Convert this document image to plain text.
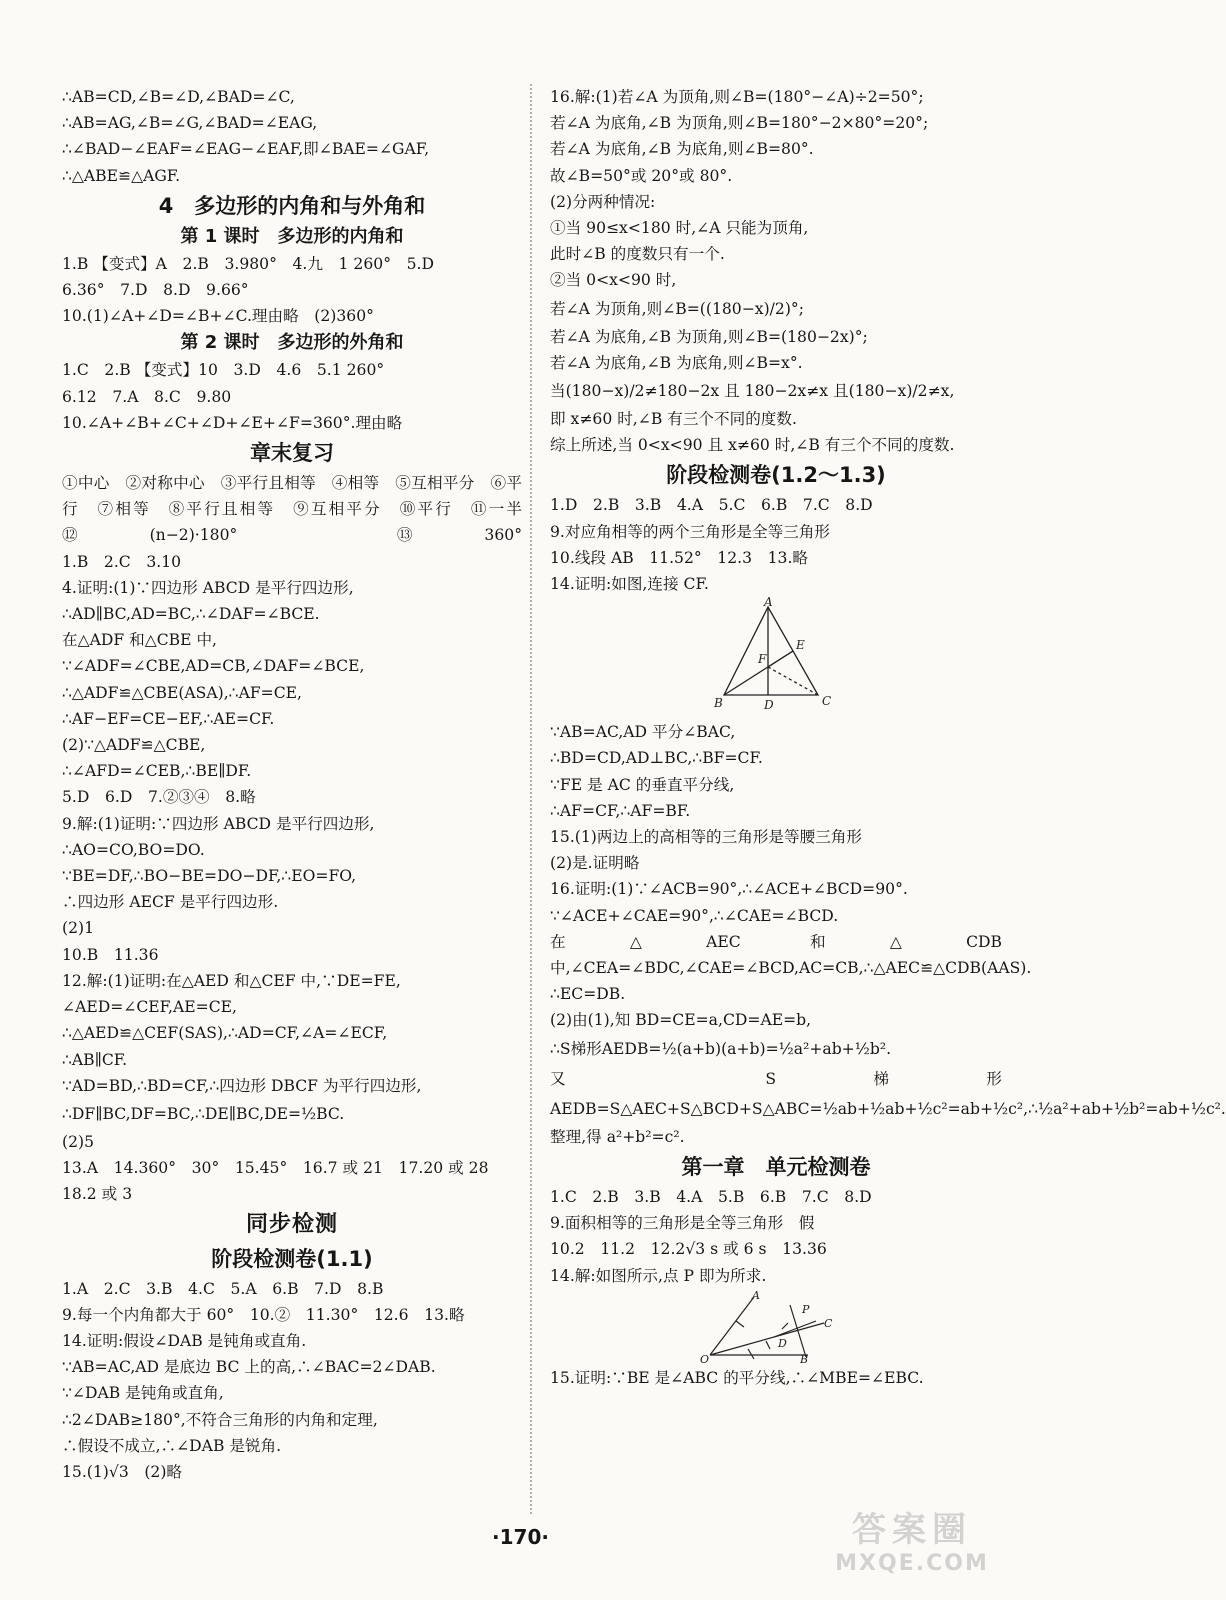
∴AB=CD,∠B=∠D,∠BAD=∠C,
∴AB=AG,∠B=∠G,∠BAD=∠EAG,
∴∠BAD−∠EAF=∠EAG−∠EAF,即∠BAE=∠GAF,
∴△ABE≌△AGF.
4　多边形的内角和与外角和
第 1 课时　多边形的内角和
1.B 【变式】A　2.B　3.980°　4.九　1 260°　5.D
6.36°　7.D　8.D　9.66°
10.(1)∠A+∠D=∠B+∠C.理由略　(2)360°
第 2 课时　多边形的外角和
1.C　2.B 【变式】10　3.D　4.6　5.1 260°
6.12　7.A　8.C　9.80
10.∠A+∠B+∠C+∠D+∠E+∠F=360°.理由略
章末复习
①中心　②对称中心　③平行且相等　④相等　⑤互相平分　⑥平行　⑦相等　⑧平行且相等　⑨互相平分　⑩平行　⑪一半　⑫(n−2)·180°　⑬360°
1.B　2.C　3.10
4.证明:(1)∵四边形 ABCD 是平行四边形,
∴AD∥BC,AD=BC,∴∠DAF=∠BCE.
在△ADF 和△CBE 中,
∵∠ADF=∠CBE,AD=CB,∠DAF=∠BCE,
∴△ADF≌△CBE(ASA),∴AF=CE,
∴AF−EF=CE−EF,∴AE=CF.
(2)∵△ADF≌△CBE,
∴∠AFD=∠CEB,∴BE∥DF.
5.D　6.D　7.②③④　8.略
9.解:(1)证明:∵四边形 ABCD 是平行四边形,
∴AO=CO,BO=DO.
∵BE=DF,∴BO−BE=DO−DF,∴EO=FO,
∴四边形 AECF 是平行四边形.
(2)1
10.B　11.36
12.解:(1)证明:在△AED 和△CEF 中,∵DE=FE,
∠AED=∠CEF,AE=CE,
∴△AED≌△CEF(SAS),∴AD=CF,∠A=∠ECF,
∴AB∥CF.
∵AD=BD,∴BD=CF,∴四边形 DBCF 为平行四边形,
∴DF∥BC,DF=BC,∴DE∥BC,DE=½BC.
(2)5
13.A　14.360°　30°　15.45°　16.7 或 21　17.20 或 28
18.2 或 3
同步检测
阶段检测卷(1.1)
1.A　2.C　3.B　4.C　5.A　6.B　7.D　8.B
9.每一个内角都大于 60°　10.②　11.30°　12.6　13.略
14.证明:假设∠DAB 是钝角或直角.
∵AB=AC,AD 是底边 BC 上的高,∴∠BAC=2∠DAB.
∵∠DAB 是钝角或直角,
∴2∠DAB≥180°,不符合三角形的内角和定理,
∴假设不成立,∴∠DAB 是锐角.
15.(1)√3　(2)略
16.解:(1)若∠A 为顶角,则∠B=(180°−∠A)÷2=50°;
若∠A 为底角,∠B 为顶角,则∠B=180°−2×80°=20°;
若∠A 为底角,∠B 为底角,则∠B=80°.
故∠B=50°或 20°或 80°.
(2)分两种情况:
①当 90≤x<180 时,∠A 只能为顶角,
此时∠B 的度数只有一个.
②当 0<x<90 时,
若∠A 为顶角,则∠B=((180−x)/2)°;
若∠A 为底角,∠B 为顶角,则∠B=(180−2x)°;
若∠A 为底角,∠B 为底角,则∠B=x°.
当(180−x)/2≠180−2x 且 180−2x≠x 且(180−x)/2≠x,
即 x≠60 时,∠B 有三个不同的度数.
综上所述,当 0<x<90 且 x≠60 时,∠B 有三个不同的度数.
阶段检测卷(1.2～1.3)
1.D　2.B　3.B　4.A　5.C　6.B　7.C　8.D
9.对应角相等的两个三角形是全等三角形
10.线段 AB　11.52°　12.3　13.略
14.证明:如图,连接 CF.
A
E
F
B	D	C
∵AB=AC,AD 平分∠BAC,
∴BD=CD,AD⊥BC,∴BF=CF.
∵FE 是 AC 的垂直平分线,
∴AF=CF,∴AF=BF.
15.(1)两边上的高相等的三角形是等腰三角形
(2)是.证明略
16.证明:(1)∵∠ACB=90°,∴∠ACE+∠BCD=90°.
∵∠ACE+∠CAE=90°,∴∠CAE=∠BCD.
在△AEC 和△CDB 中,∠CEA=∠BDC,∠CAE=∠BCD,AC=CB,∴△AEC≌△CDB(AAS).
∴EC=DB.
(2)由(1),知 BD=CE=a,CD=AE=b,
∴S梯形AEDB=½(a+b)(a+b)=½a²+ab+½b².
又 S梯形AEDB=S△AEC+S△BCD+S△ABC=½ab+½ab+½c²=ab+½c²,∴½a²+ab+½b²=ab+½c².
整理,得 a²+b²=c².
第一章　单元检测卷
1.C　2.B　3.B　4.A　5.B　6.B　7.C　8.D
9.面积相等的三角形是全等三角形　假
10.2　11.2　12.2√3 s 或 6 s　13.36
14.解:如图所示,点 P 即为所求.
A
P
C
D
O	B
15.证明:∵BE 是∠ABC 的平分线,∴∠MBE=∠EBC.
·170·	答案圈
MXQE.COM
